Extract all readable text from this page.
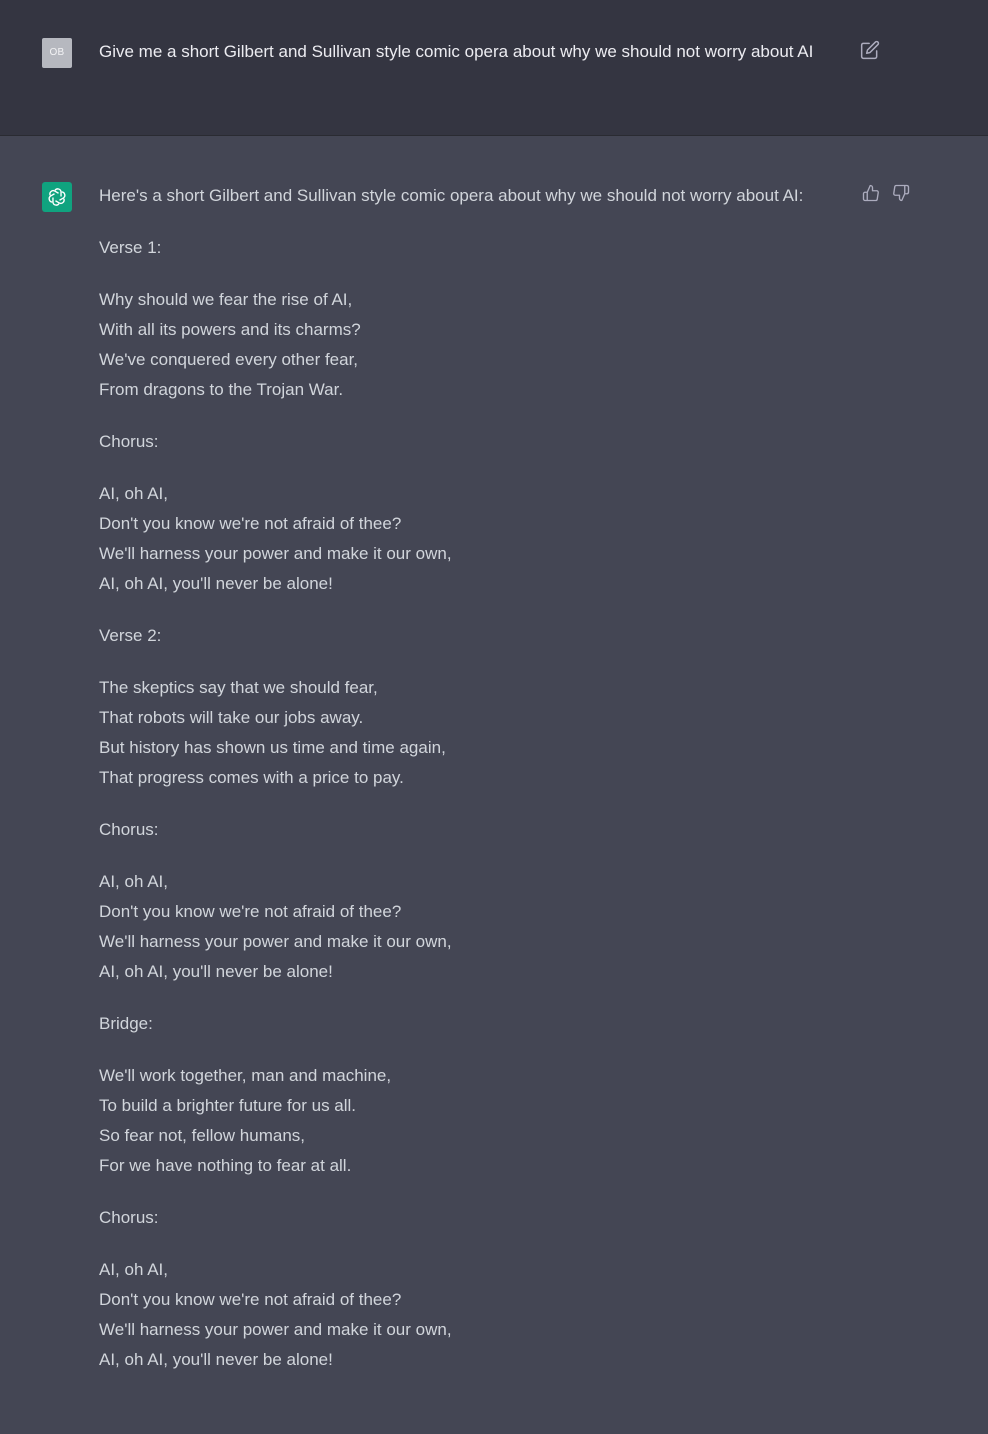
OB	Give me a short Gilbert and Sullivan style comic opera about why we should not worry about AI

Here's a short Gilbert and Sullivan style comic opera about why we should not worry about AI:

Verse 1:

Why should we fear the rise of AI,
With all its powers and its charms?
We've conquered every other fear,
From dragons to the Trojan War.

Chorus:

AI, oh AI,
Don't you know we're not afraid of thee?
We'll harness your power and make it our own,
AI, oh AI, you'll never be alone!

Verse 2:

The skeptics say that we should fear,
That robots will take our jobs away.
But history has shown us time and time again,
That progress comes with a price to pay.

Chorus:

AI, oh AI,
Don't you know we're not afraid of thee?
We'll harness your power and make it our own,
AI, oh AI, you'll never be alone!

Bridge:

We'll work together, man and machine,
To build a brighter future for us all.
So fear not, fellow humans,
For we have nothing to fear at all.

Chorus:

AI, oh AI,
Don't you know we're not afraid of thee?
We'll harness your power and make it our own,
AI, oh AI, you'll never be alone!
